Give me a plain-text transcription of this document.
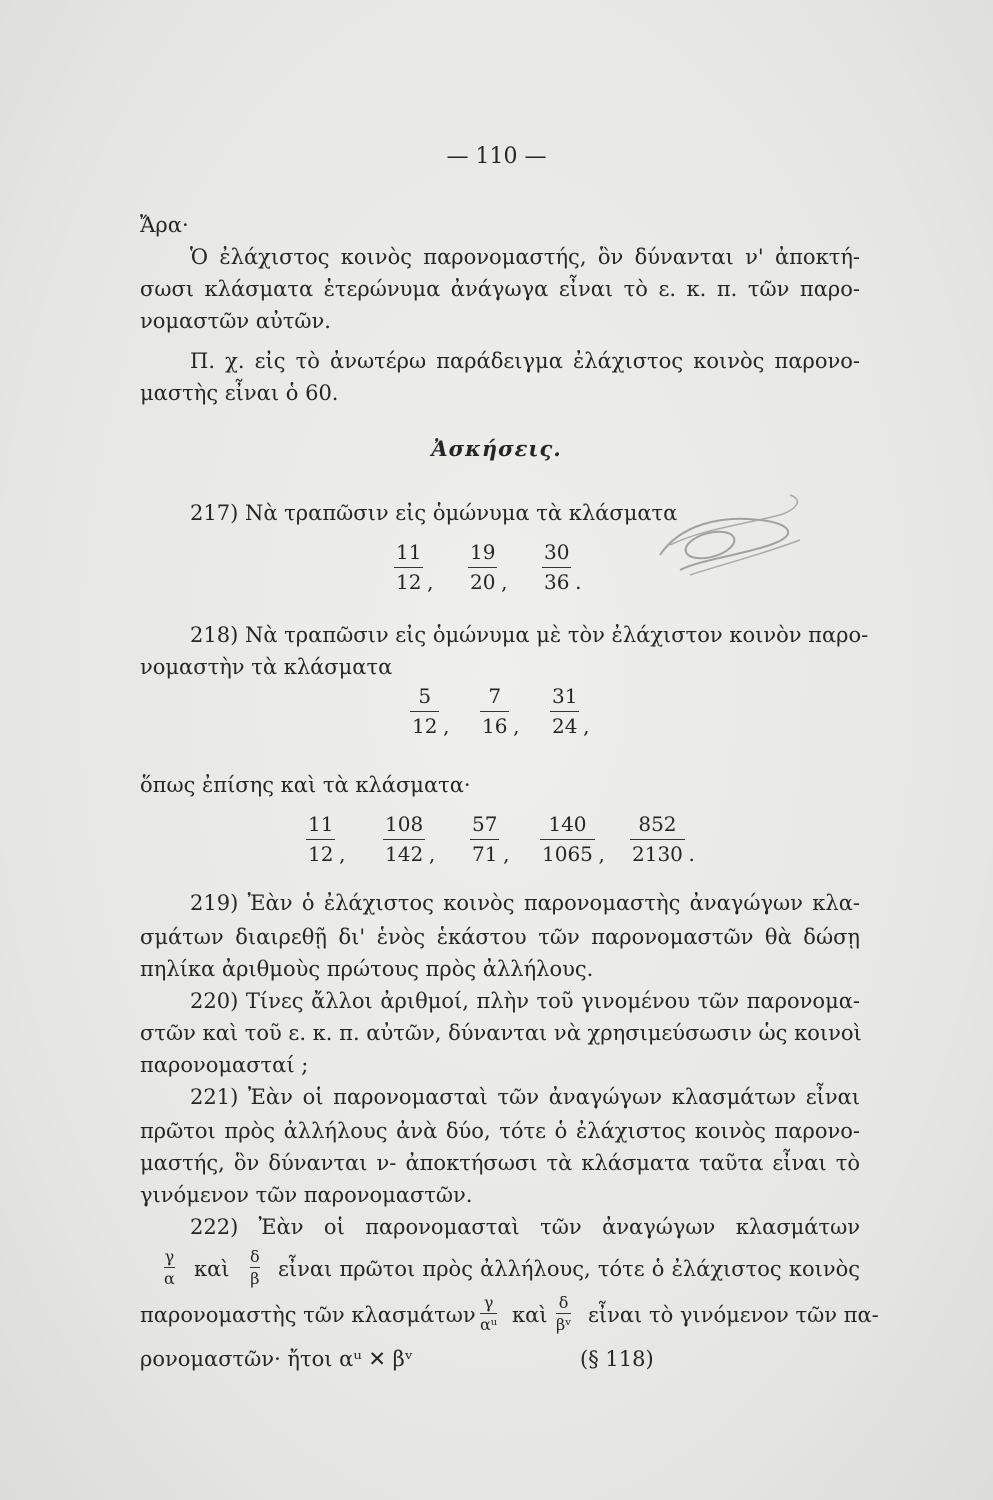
— 110 —
Ἄρα·
Ὁ ἐλάχιστος κοινὸς παρονομαστής, ὃν δύνανται ν' ἀποκτή-
σωσι κλάσματα ἑτερώνυμα ἀνάγωγα εἶναι τὸ ε. κ. π. τῶν παρο-
νομαστῶν αὐτῶν.
Π. χ. εἰς τὸ ἀνωτέρω παράδειγμα ἐλάχιστος κοινὸς παρονο-
μαστὴς εἶναι ὁ 60.
Ἀσκήσεις.
217) Νὰ τραπῶσιν εἰς ὁμώνυμα τὰ κλάσματα
11
12 ,
19
20 ,
30
36 .
218) Νὰ τραπῶσιν εἰς ὁμώνυμα μὲ τὸν ἐλάχιστον κοινὸν παρο-
νομαστὴν τὰ κλάσματα
5
12 ,
7
16 ,
31
24 ,
ὅπως ἐπίσης καὶ τὰ κλάσματα·
11
12 ,
108
142 ,
57
71 ,
140
1065 ,
852
2130 .
219) Ἐὰν ὁ ἐλάχιστος κοινὸς παρονομαστὴς ἀναγώγων κλα-
σμάτων διαιρεθῇ δι' ἑνὸς ἑκάστου τῶν παρονομαστῶν θὰ δώσῃ
πηλίκα ἀριθμοὺς πρώτους πρὸς ἀλλήλους.
220) Τίνες ἄλλοι ἀριθμοί, πλὴν τοῦ γινομένου τῶν παρονομα-
στῶν καὶ τοῦ ε. κ. π. αὐτῶν, δύνανται νὰ χρησιμεύσωσιν ὡς κοινοὶ
παρονομασταί ;
221) Ἐὰν οἱ παρονομασταὶ τῶν ἀναγώγων κλασμάτων εἶναι
πρῶτοι πρὸς ἀλλήλους ἀνὰ δύο, τότε ὁ ἐλάχιστος κοινὸς παρονο-
μαστής, ὃν δύνανται ν- ἀποκτήσωσι τὰ κλάσματα ταῦτα εἶναι τὸ
γινόμενον τῶν παρονομαστῶν.
222) Ἐὰν οἱ παρονομασταὶ τῶν ἀναγώγων κλασμάτων
γ
α καὶ
δ
β εἶναι πρῶτοι πρὸς ἀλλήλους, τότε ὁ ἐλάχιστος κοινὸς
παρονομαστὴς τῶν κλασμάτων
γ
αᵘ καὶ
δ
βᵛ εἶναι τὸ γινόμενον τῶν πα-
ρονομαστῶν· ἤτοι αᵘ ✕ βᵛ	(§ 118)
